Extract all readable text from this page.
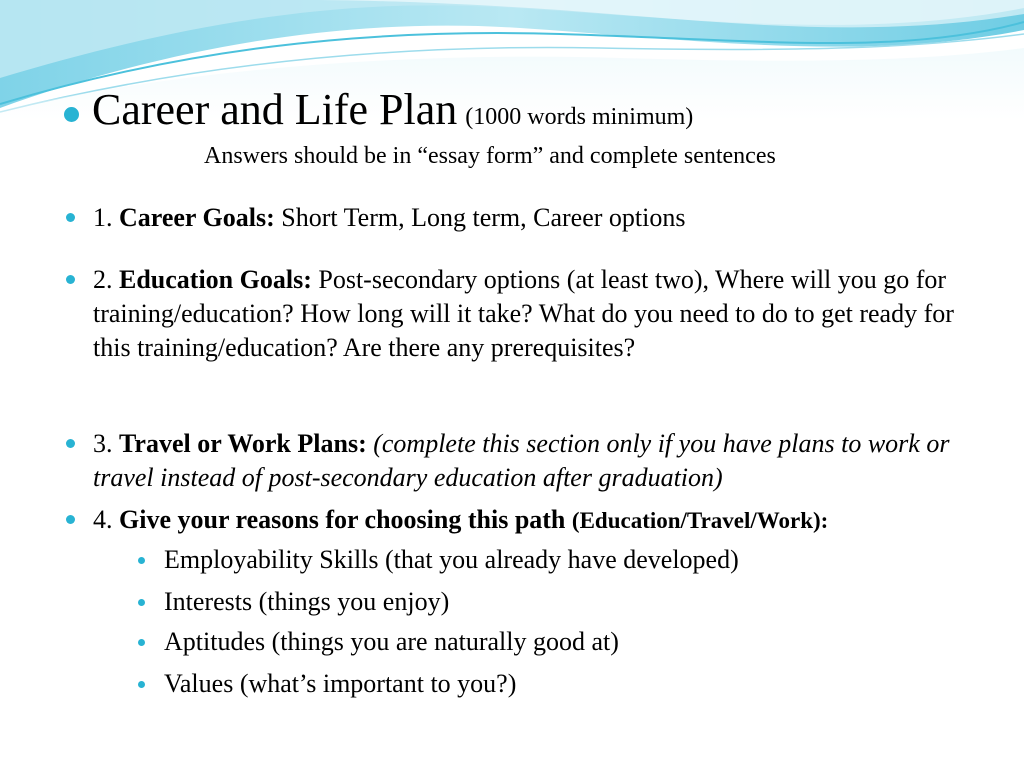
Career and Life Plan (1000 words minimum)
Answers should be in “essay form” and complete sentences
1. Career Goals: Short Term, Long term, Career options
2. Education Goals: Post-secondary options (at least two), Where will you go for training/education? How long will it take? What do you need to do to get ready for this training/education? Are there any prerequisites?
3. Travel or Work Plans: (complete this section only if you have plans to work or travel instead of post-secondary education after graduation)
4. Give your reasons for choosing this path (Education/Travel/Work):
Employability Skills (that you already have developed)
Interests (things you enjoy)
Aptitudes (things you are naturally good at)
Values (what’s important to you?)
